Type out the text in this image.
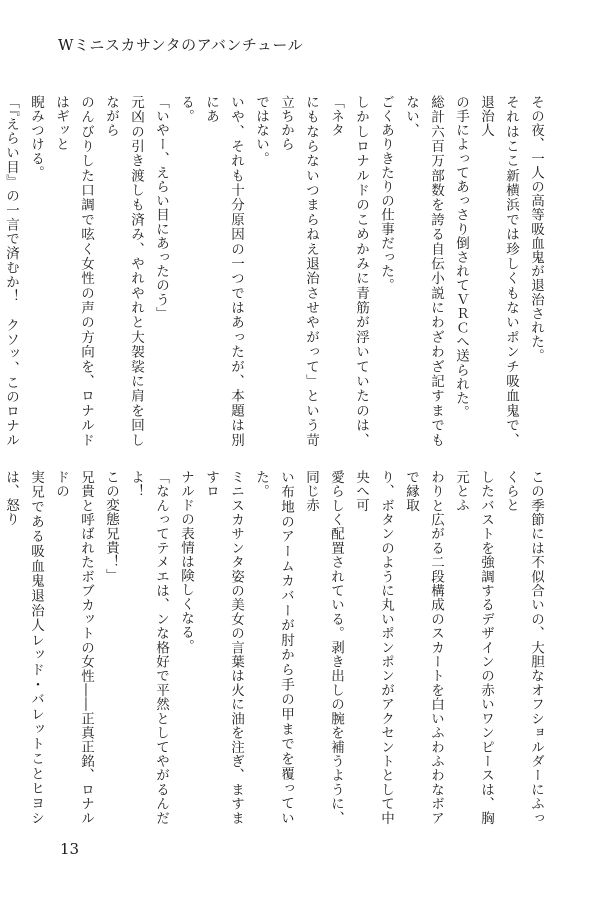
Wミニスカサンタのアバンチュール

その夜、一人の高等吸血鬼が退治された。

それはここ新横浜では珍しくもないポンチ吸血鬼で、退治人

の手によってあっさり倒されてＶＲＣへ送られた。

総計六百万部数を誇る自伝小説にわざわざ記すまでもない、

ごくありきたりの仕事だった。

しかしロナルドのこめかみに青筋が浮いていたのは、「ネタ

にもならないつまらねえ退治させやがって」という苛立ちから

ではない。

いや、それも十分原因の一つではあったが、本題は別にあ

る。

「いやー、えらい目にあったのう」

元凶の引き渡しも済み、やれやれと大袈裟に肩を回しながら

のんびりした口調で呟く女性の声の方向を、ロナルドはギッと

睨みつける。

「『えらい目』の一言で済むか！　クソッ、このロナル

この季節には不似合いの、大胆なオフショルダーにふっくらと

したバストを強調するデザインの赤いワンピースは、胸元とふ

わりと広がる二段構成のスカートを白いふわふわなボアで縁取

り、ボタンのように丸いポンポンがアクセントとして中央へ可

愛らしく配置されている。剥き出しの腕を補うように、同じ赤

い布地のアームカバーが肘から手の甲までを覆っていた。

ミニスカサンタ姿の美女の言葉は火に油を注ぎ、ますますロ

ナルドの表情は険しくなる。

「なんってテメエは、ンな格好で平然としてやがるんだよ！

この変態兄貴！」

兄貴と呼ばれたボブカットの女性――正真正銘、ロナルドの

実兄である吸血鬼退治人レッド・バレットことヒヨシは、怒り

13
